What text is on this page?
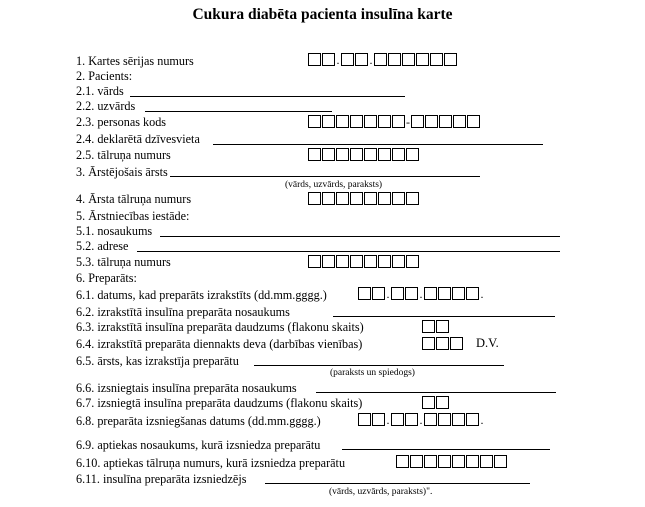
Cukura diabēta pacienta insulīna karte
1. Kartes sērijas numurs	.	.
2. Pacients:
2.1. vārds
2.2. uzvārds
2.3. personas kods	-
2.4. deklarētā dzīvesvieta
2.5. tālruņa numurs
3. Ārstējošais ārsts
(vārds, uzvārds, paraksts)
4. Ārsta tālruņa numurs
5. Ārstniecības iestāde:
5.1. nosaukums
5.2. adrese
5.3. tālruņa numurs
6. Preparāts:
6.1. datums, kad preparāts izrakstīts (dd.mm.gggg.)	.	.	.
6.2. izrakstītā insulīna preparāta nosaukums
6.3. izrakstītā insulīna preparāta daudzums (flakonu skaits)
6.4. izrakstītā preparāta diennakts deva (darbības vienības)	D.V.
6.5. ārsts, kas izrakstīja preparātu
(paraksts un spiedogs)
6.6. izsniegtais insulīna preparāta nosaukums
6.7. izsniegtā insulīna preparāta daudzums (flakonu skaits)
6.8. preparāta izsniegšanas datums (dd.mm.gggg.)	.	.	.
6.9. aptiekas nosaukums, kurā izsniedza preparātu
6.10. aptiekas tālruņa numurs, kurā izsniedza preparātu
6.11. insulīna preparāta izsniedzējs
(vārds, uzvārds, paraksts)".
